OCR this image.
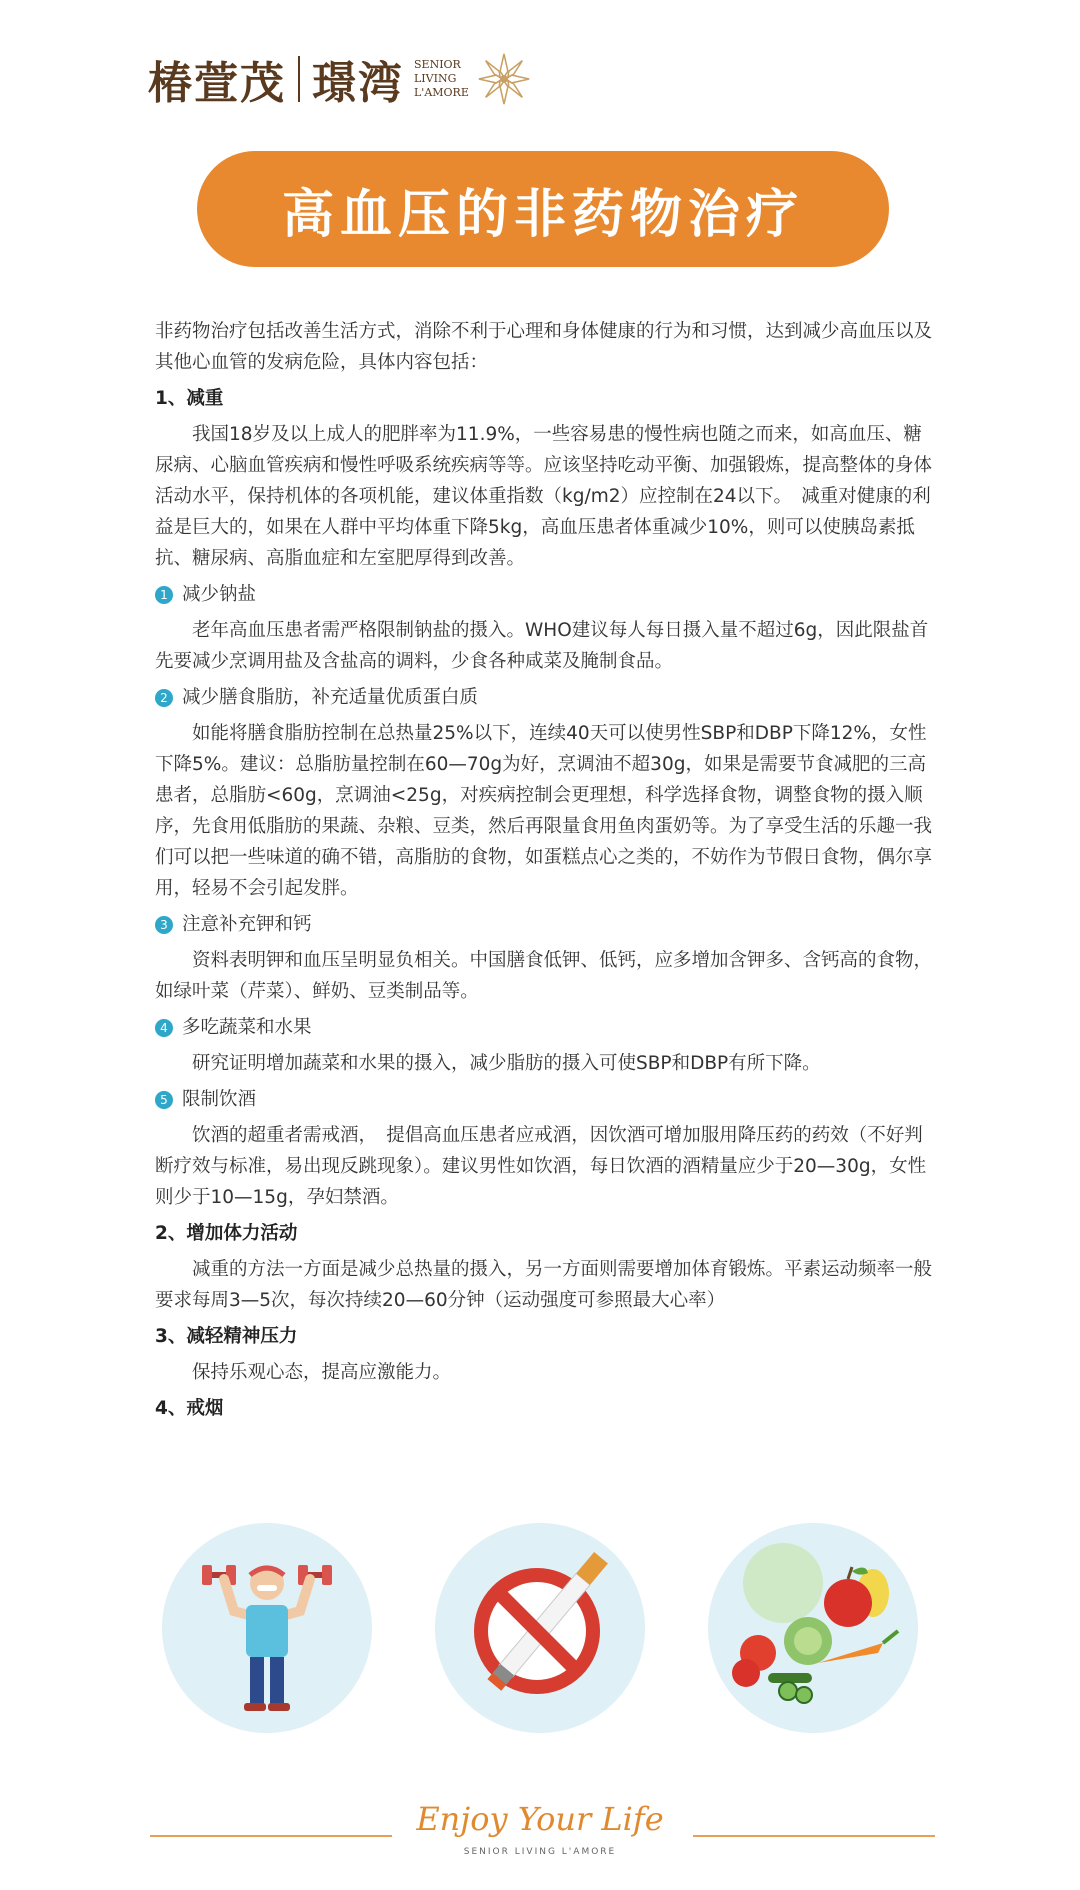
椿萱茂 璟湾 SENIOR
LIVING
L'AMORE
高血压的非药物治疗

非药物治疗包括改善生活方式，消除不利于心理和身体健康的行为和习惯，达到减少高血压以及其他心血管的发病危险，具体内容包括：

1、减重

我国18岁及以上成人的肥胖率为11.9%，一些容易患的慢性病也随之而来，如高血压、糖尿病、心脑血管疾病和慢性呼吸系统疾病等等。应该坚持吃动平衡、加强锻炼，提高整体的身体活动水平，保持机体的各项机能，建议体重指数（kg/m2）应控制在24以下。　减重对健康的利益是巨大的，如果在人群中平均体重下降5kg，高血压患者体重减少10%，则可以使胰岛素抵抗、糖尿病、高脂血症和左室肥厚得到改善。

1 减少钠盐

老年高血压患者需严格限制钠盐的摄入。WHO建议每人每日摄入量不超过6g，因此限盐首先要减少烹调用盐及含盐高的调料，少食各种咸菜及腌制食品。

2 减少膳食脂肪，补充适量优质蛋白质

如能将膳食脂肪控制在总热量25%以下，连续40天可以使男性SBP和DBP下降12%，女性下降5%。建议：总脂肪量控制在60—70g为好，烹调油不超30g，如果是需要节食减肥的三高患者，总脂肪<60g，烹调油<25g，对疾病控制会更理想，科学选择食物，调整食物的摄入顺序，先食用低脂肪的果蔬、杂粮、豆类，然后再限量食用鱼肉蛋奶等。为了享受生活的乐趣一我们可以把一些味道的确不错，高脂肪的食物，如蛋糕点心之类的，不妨作为节假日食物，偶尔享用，轻易不会引起发胖。

3 注意补充钾和钙

资料表明钾和血压呈明显负相关。中国膳食低钾、低钙，应多增加含钾多、含钙高的食物，如绿叶菜（芹菜）、鲜奶、豆类制品等。

4 多吃蔬菜和水果

研究证明增加蔬菜和水果的摄入，减少脂肪的摄入可使SBP和DBP有所下降。

5 限制饮酒

饮酒的超重者需戒酒，　提倡高血压患者应戒酒，因饮酒可增加服用降压药的药效（不好判断疗效与标准，易出现反跳现象）。建议男性如饮酒，每日饮酒的酒精量应少于20—30g，女性则少于10—15g，孕妇禁酒。

2、增加体力活动

减重的方法一方面是减少总热量的摄入，另一方面则需要增加体育锻炼。平素运动频率一般要求每周3—5次，每次持续20—60分钟（运动强度可参照最大心率）

3、减轻精神压力

保持乐观心态，提高应激能力。

4、戒烟

Enjoy Your Life
SENIOR LIVING L'AMORE
